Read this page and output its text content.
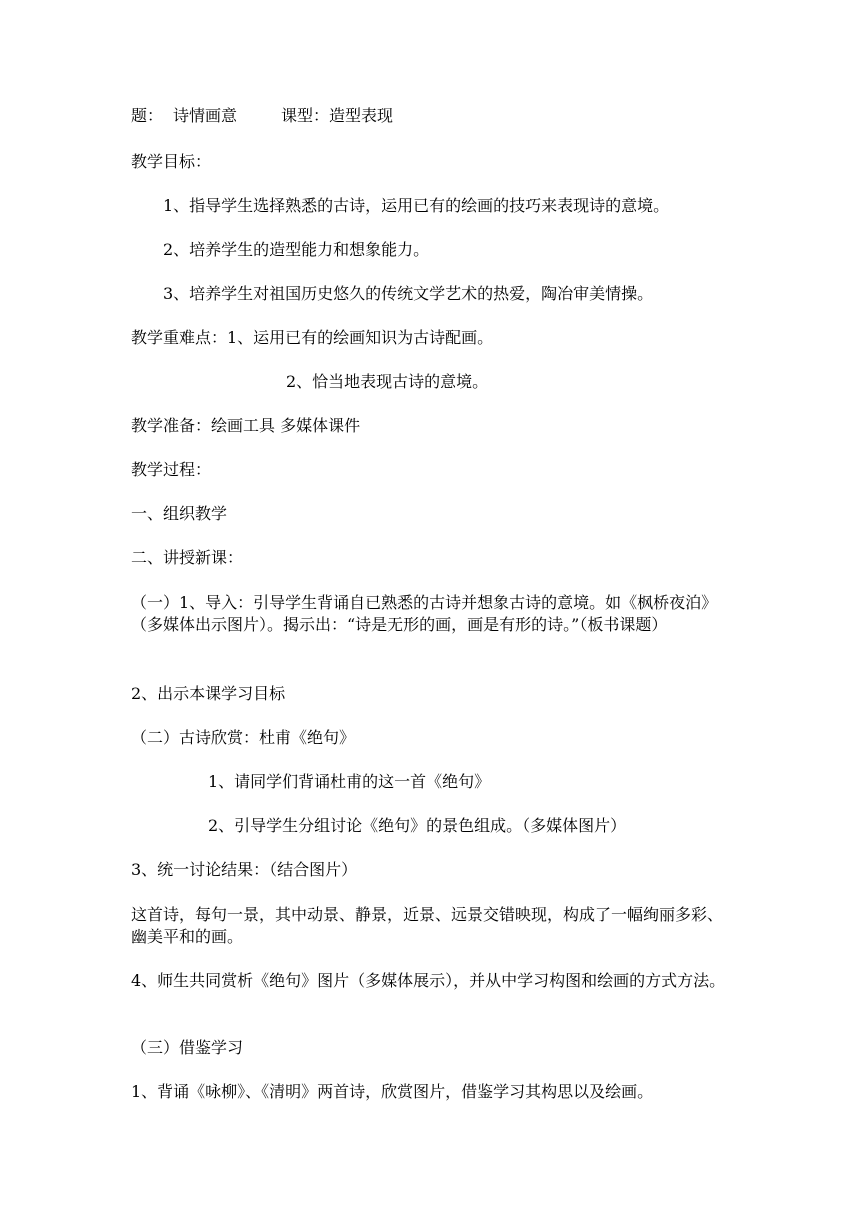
题： 诗情画意	课型：造型表现
教学目标：
1、指导学生选择熟悉的古诗，运用已有的绘画的技巧来表现诗的意境。
2、培养学生的造型能力和想象能力。
3、培养学生对祖国历史悠久的传统文学艺术的热爱，陶冶审美情操。
教学重难点：1、运用已有的绘画知识为古诗配画。
2、恰当地表现古诗的意境。
教学准备：绘画工具 多媒体课件
教学过程：
一、组织教学
二、讲授新课：
（一）1、导入：引导学生背诵自已熟悉的古诗并想象古诗的意境。如《枫桥夜泊》（多媒体出示图片）。揭示出：“诗是无形的画，画是有形的诗。”（板书课题）
2、出示本课学习目标
（二）古诗欣赏：杜甫《绝句》
1、请同学们背诵杜甫的这一首《绝句》
2、引导学生分组讨论《绝句》的景色组成。（多媒体图片）
3、统一讨论结果：（结合图片）
这首诗，每句一景，其中动景、静景，近景、远景交错映现，构成了一幅绚丽多彩、幽美平和的画。
4、师生共同赏析《绝句》图片（多媒体展示），并从中学习构图和绘画的方式方法。
（三）借鉴学习
1、背诵《咏柳》、《清明》两首诗，欣赏图片，借鉴学习其构思以及绘画。
